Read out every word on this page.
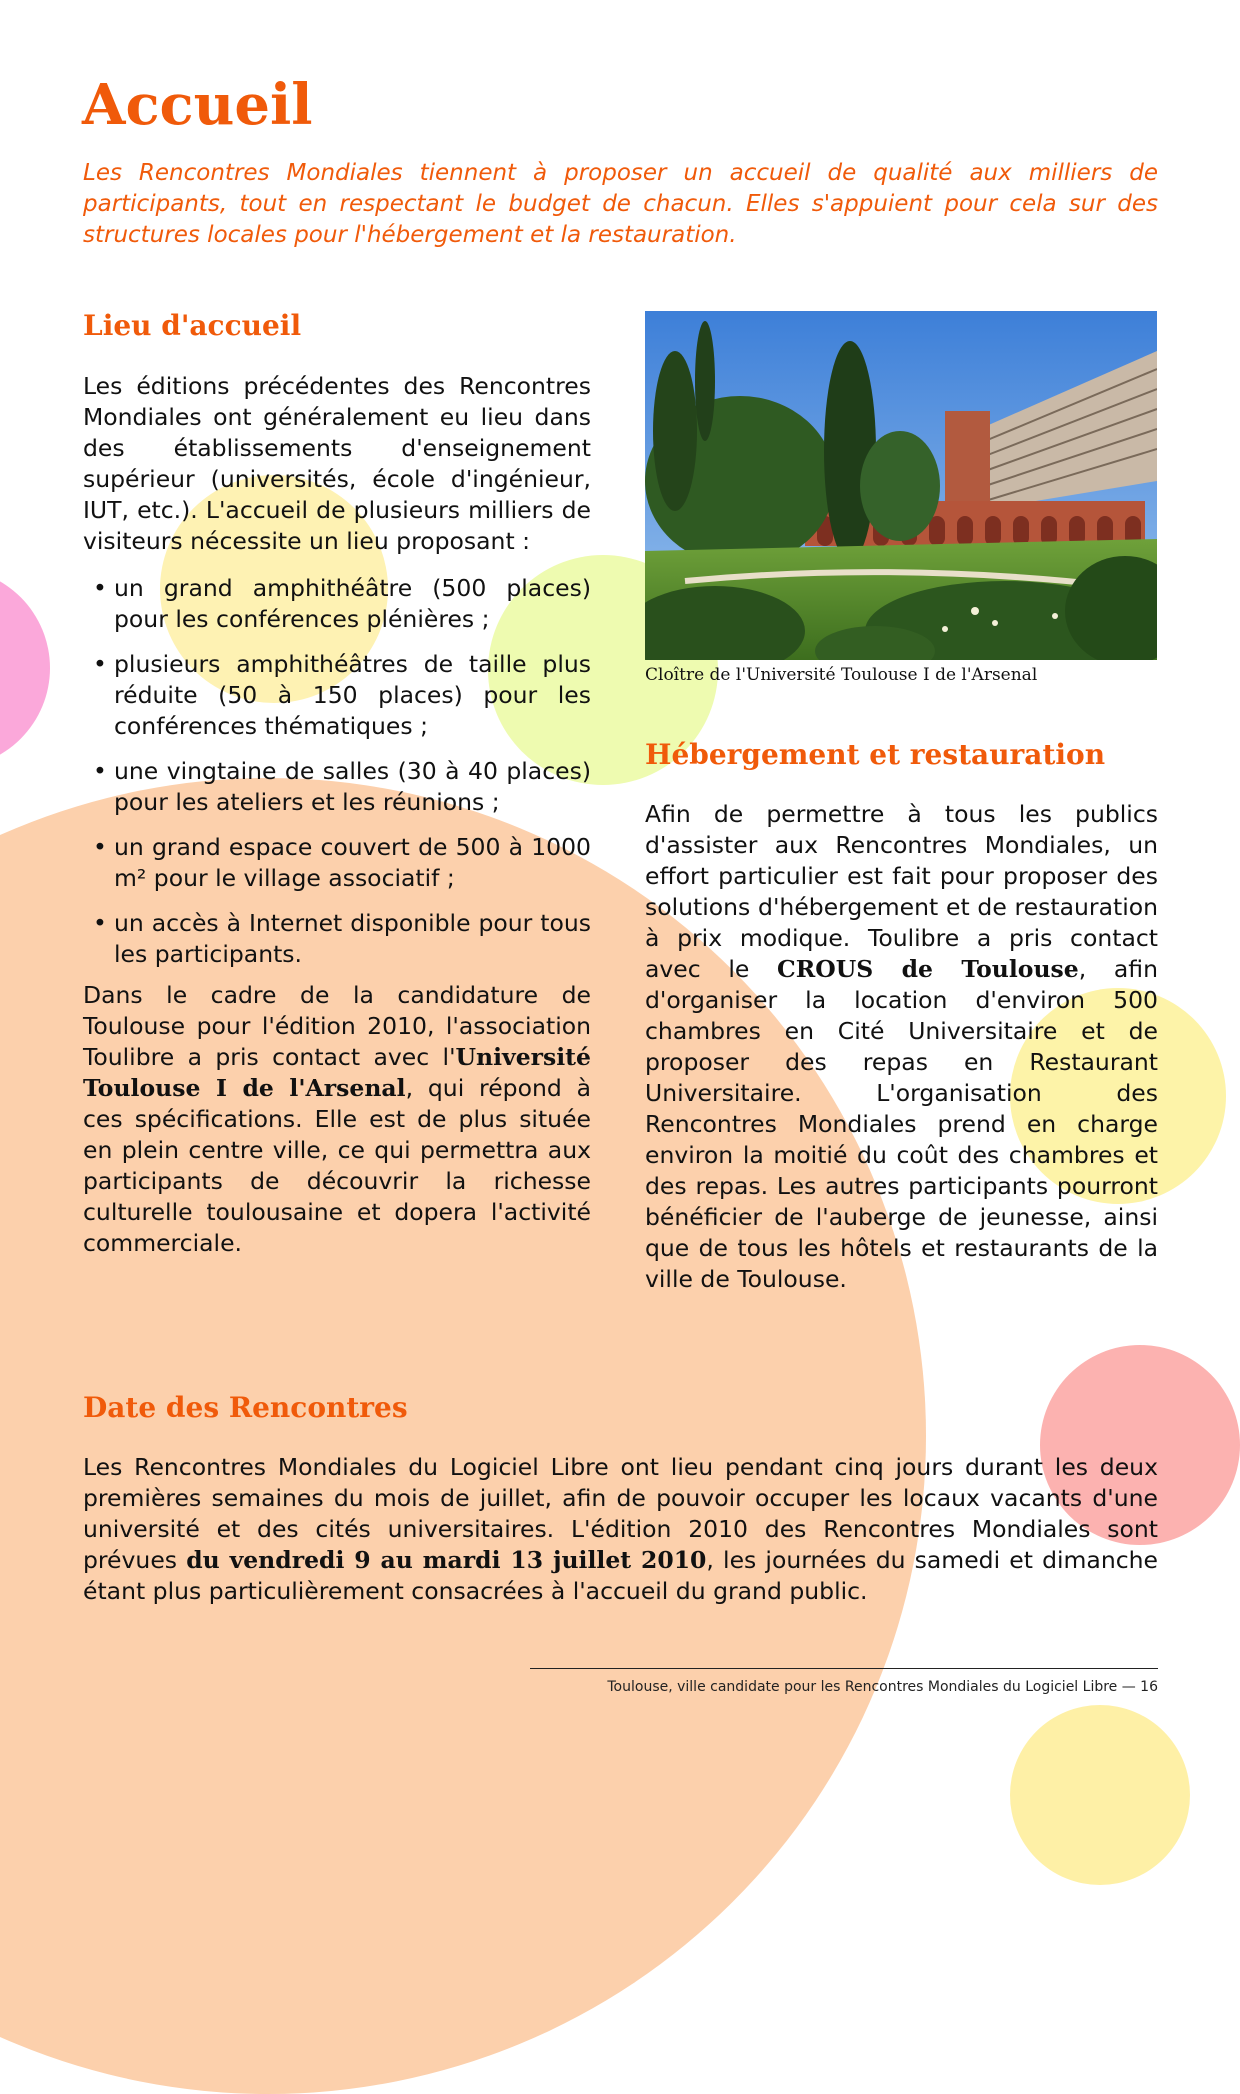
Accueil

Les Rencontres Mondiales tiennent à proposer un accueil de qualité aux milliers de participants, tout en respectant le budget de chacun. Elles s'appuient pour cela sur des structures locales pour l'hébergement et la restauration.

Lieu d'accueil

Les éditions précédentes des Rencontres Mondiales ont généralement eu lieu dans des établissements d'enseignement supérieur (universités, école d'ingénieur, IUT, etc.). L'accueil de plusieurs milliers de visiteurs nécessite un lieu proposant :

• un grand amphithéâtre (500 places) pour les conférences plénières ;
• plusieurs amphithéâtres de taille plus réduite (50 à 150 places) pour les conférences thématiques ;
• une vingtaine de salles (30 à 40 places) pour les ateliers et les réunions ;
• un grand espace couvert de 500 à 1000 m² pour le village associatif ;
• un accès à Internet disponible pour tous les participants.

Dans le cadre de la candidature de Toulouse pour l'édition 2010, l'association Toulibre a pris contact avec l'Université Toulouse I de l'Arsenal, qui répond à ces spécifications. Elle est de plus située en plein centre ville, ce qui permettra aux participants de découvrir la richesse culturelle toulousaine et dopera l'activité commerciale.

Cloître de l'Université Toulouse I de l'Arsenal

Hébergement et restauration

Afin de permettre à tous les publics d'assister aux Rencontres Mondiales, un effort particulier est fait pour proposer des solutions d'hébergement et de restauration à prix modique. Toulibre a pris contact avec le CROUS de Toulouse, afin d'organiser la location d'environ 500 chambres en Cité Universitaire et de proposer des repas en Restaurant Universitaire. L'organisation des Rencontres Mondiales prend en charge environ la moitié du coût des chambres et des repas. Les autres participants pourront bénéficier de l'auberge de jeunesse, ainsi que de tous les hôtels et restaurants de la ville de Toulouse.

Date des Rencontres

Les Rencontres Mondiales du Logiciel Libre ont lieu pendant cinq jours durant les deux premières semaines du mois de juillet, afin de pouvoir occuper les locaux vacants d'une université et des cités universitaires. L'édition 2010 des Rencontres Mondiales sont prévues du vendredi 9 au mardi 13 juillet 2010, les journées du samedi et dimanche étant plus particulièrement consacrées à l'accueil du grand public.

Toulouse, ville candidate pour les Rencontres Mondiales du Logiciel Libre — 16
